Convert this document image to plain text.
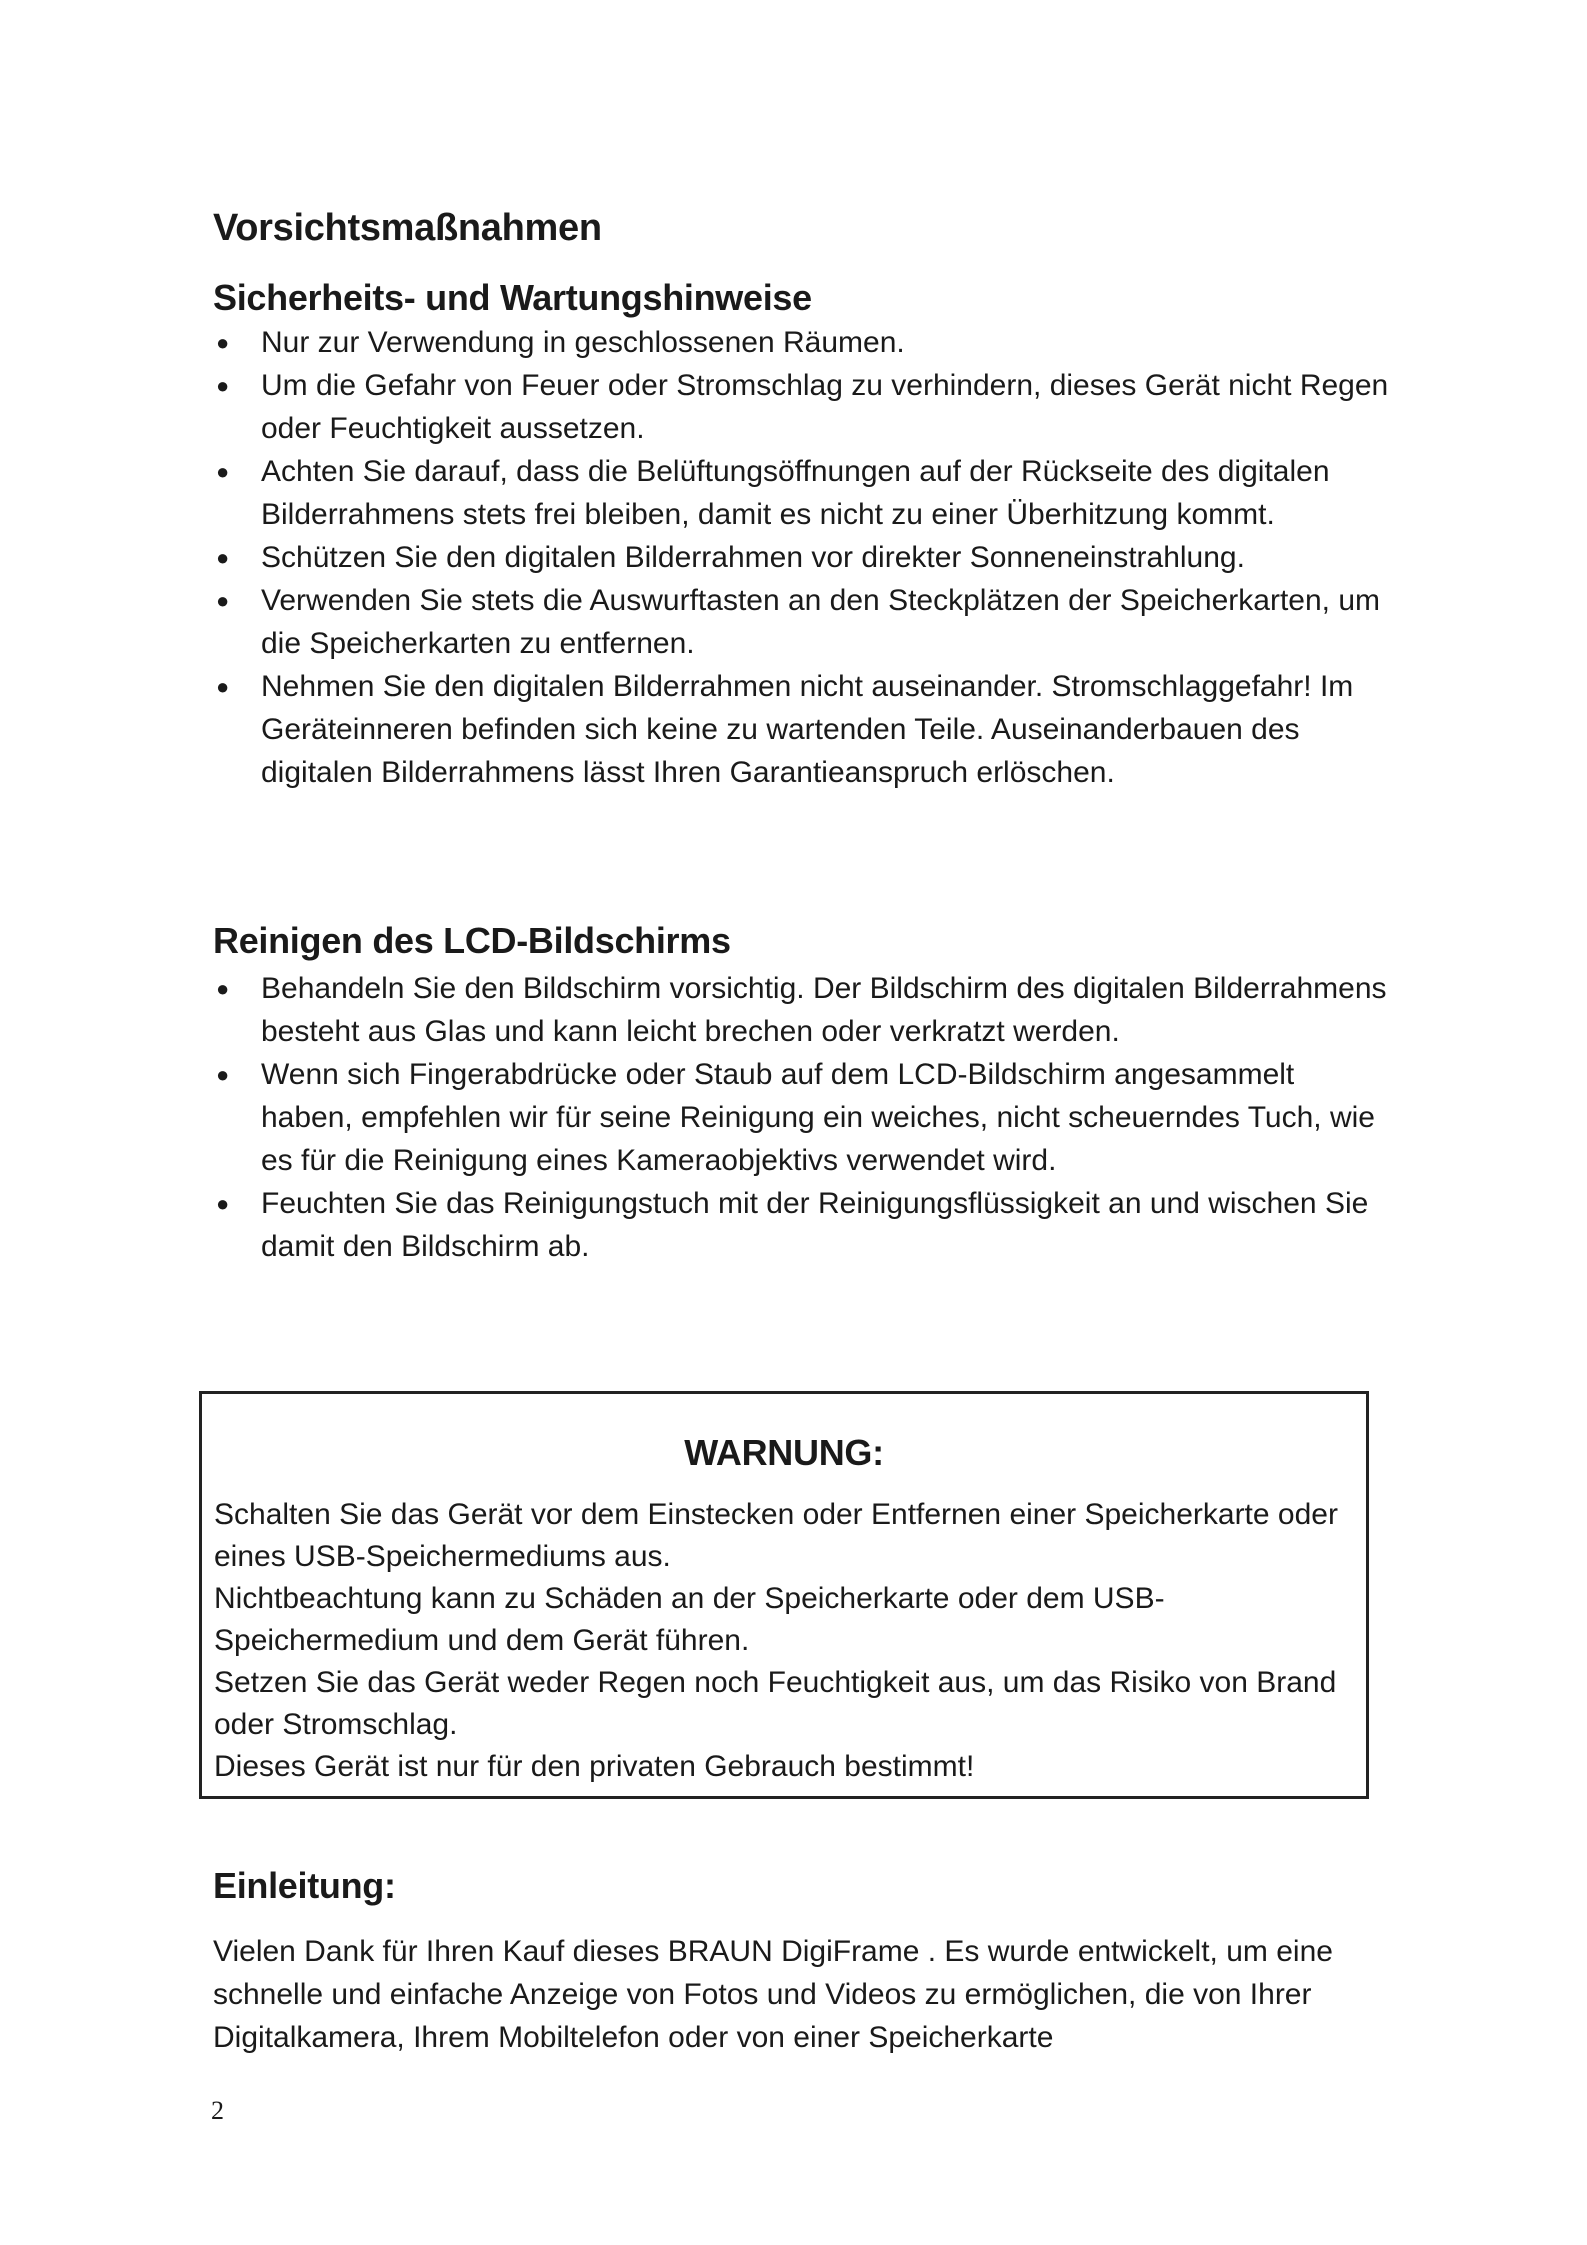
Vorsichtsmaßnahmen
Sicherheits- und Wartungshinweise
● Nur zur Verwendung in geschlossenen Räumen.
● Um die Gefahr von Feuer oder Stromschlag zu verhindern, dieses Gerät nicht Regen oder Feuchtigkeit aussetzen.
● Achten Sie darauf, dass die Belüftungsöffnungen auf der Rückseite des digitalen Bilderrahmens stets frei bleiben, damit es nicht zu einer Überhitzung kommt.
● Schützen Sie den digitalen Bilderrahmen vor direkter Sonneneinstrahlung.
● Verwenden Sie stets die Auswurftasten an den Steckplätzen der Speicherkarten, um die Speicherkarten zu entfernen.
● Nehmen Sie den digitalen Bilderrahmen nicht auseinander. Stromschlaggefahr! Im Geräteinneren befinden sich keine zu wartenden Teile. Auseinanderbauen des digitalen Bilderrahmens lässt Ihren Garantieanspruch erlöschen.
Reinigen des LCD-Bildschirms
● Behandeln Sie den Bildschirm vorsichtig. Der Bildschirm des digitalen Bilderrahmens besteht aus Glas und kann leicht brechen oder verkratzt werden.
● Wenn sich Fingerabdrücke oder Staub auf dem LCD-Bildschirm angesammelt haben, empfehlen wir für seine Reinigung ein weiches, nicht scheuerndes Tuch, wie es für die Reinigung eines Kameraobjektivs verwendet wird.
● Feuchten Sie das Reinigungstuch mit der Reinigungsflüssigkeit an und wischen Sie damit den Bildschirm ab.

WARNUNG:

Schalten Sie das Gerät vor dem Einstecken oder Entfernen einer Speicherkarte oder eines USB-Speichermediums aus.
Nichtbeachtung kann zu Schäden an der Speicherkarte oder dem USB-Speichermedium und dem Gerät führen.
Setzen Sie das Gerät weder Regen noch Feuchtigkeit aus, um das Risiko von Brand oder Stromschlag.
Dieses Gerät ist nur für den privaten Gebrauch bestimmt!

Einleitung:

Vielen Dank für Ihren Kauf dieses BRAUN DigiFrame . Es wurde entwickelt, um eine schnelle und einfache Anzeige von Fotos und Videos zu ermöglichen, die von Ihrer Digitalkamera, Ihrem Mobiltelefon oder von einer Speicherkarte

2
